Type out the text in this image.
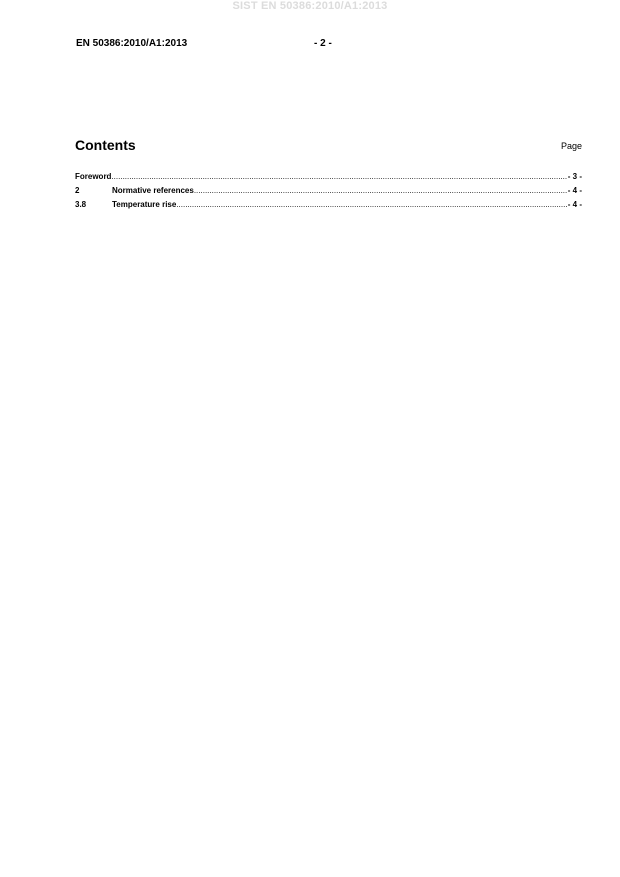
SIST EN 50386:2010/A1:2013
EN 50386:2010/A1:2013	- 2 -
Contents	Page
Foreword .....	- 3 -
2	Normative references .....	- 4 -
3.8	Temperature rise .....	- 4 -
